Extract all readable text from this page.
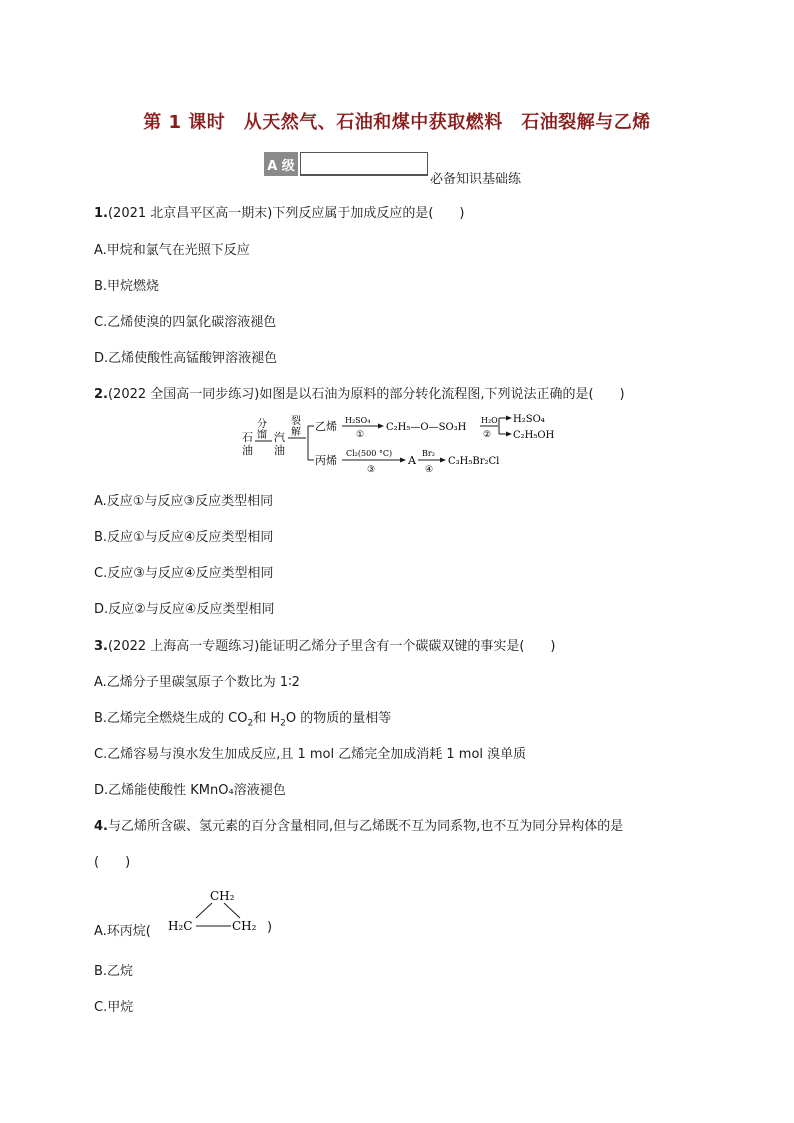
第 1 课时　从天然气、石油和煤中获取燃料　石油裂解与乙烯
A 级
必备知识基础练
1.(2021 北京昌平区高一期末)下列反应属于加成反应的是(　　)
A.甲烷和氯气在光照下反应
B.甲烷燃烧
C.乙烯使溴的四氯化碳溶液褪色
D.乙烯使酸性高锰酸钾溶液褪色
2.(2022 全国高一同步练习)如图是以石油为原料的部分转化流程图,下列说法正确的是(　　)
石
油
分
馏 汽
油
裂
解 乙烯 H₂SO₄
①
C₂H₅—O—SO₃H
H₂O
②
H₂SO₄
C₂H₅OH
丙烯
Cl₂(500 °C)
③
A
Br₂
④
C₃H₅Br₂Cl
A.反应①与反应③反应类型相同
B.反应①与反应④反应类型相同
C.反应③与反应④反应类型相同
D.反应②与反应④反应类型相同
3.(2022 上海高一专题练习)能证明乙烯分子里含有一个碳碳双键的事实是(　　)
A.乙烯分子里碳氢原子个数比为 1∶2
B.乙烯完全燃烧生成的 $CO_2$和 $H_2O$ 的物质的量相等
C.乙烯容易与溴水发生加成反应,且 1 mol 乙烯完全加成消耗 1 mol 溴单质
D.乙烯能使酸性 KMnO₄溶液褪色
4.与乙烯所含碳、氢元素的百分含量相同,但与乙烯既不互为同系物,也不互为同分异构体的是
(　　)
A.环丙烷(
CH₂
H₂C	CH₂ )
B.乙烷
C.甲烷
